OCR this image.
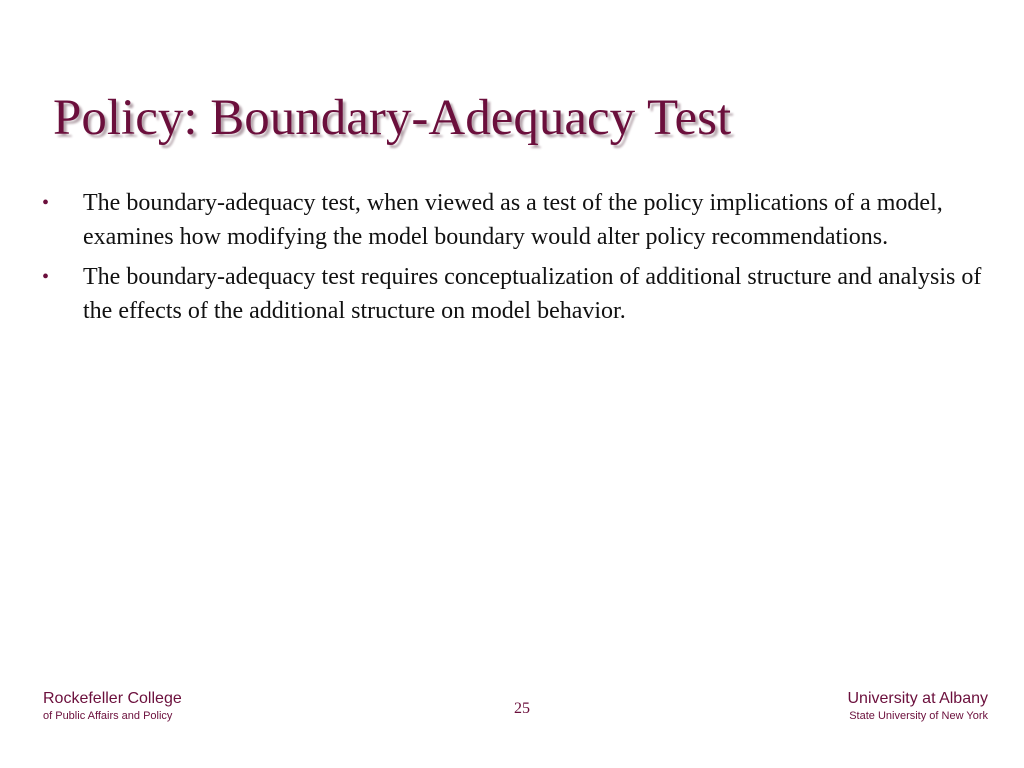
Policy: Boundary-Adequacy Test
• The boundary-adequacy test, when viewed as a test of the policy implications of a model, examines how modifying the model boundary would alter policy recommendations.
• The boundary-adequacy test requires conceptualization of additional structure and analysis of the effects of the additional structure on model behavior.
Rockefeller College
of Public Affairs and Policy	25
University at Albany
State University of New York
